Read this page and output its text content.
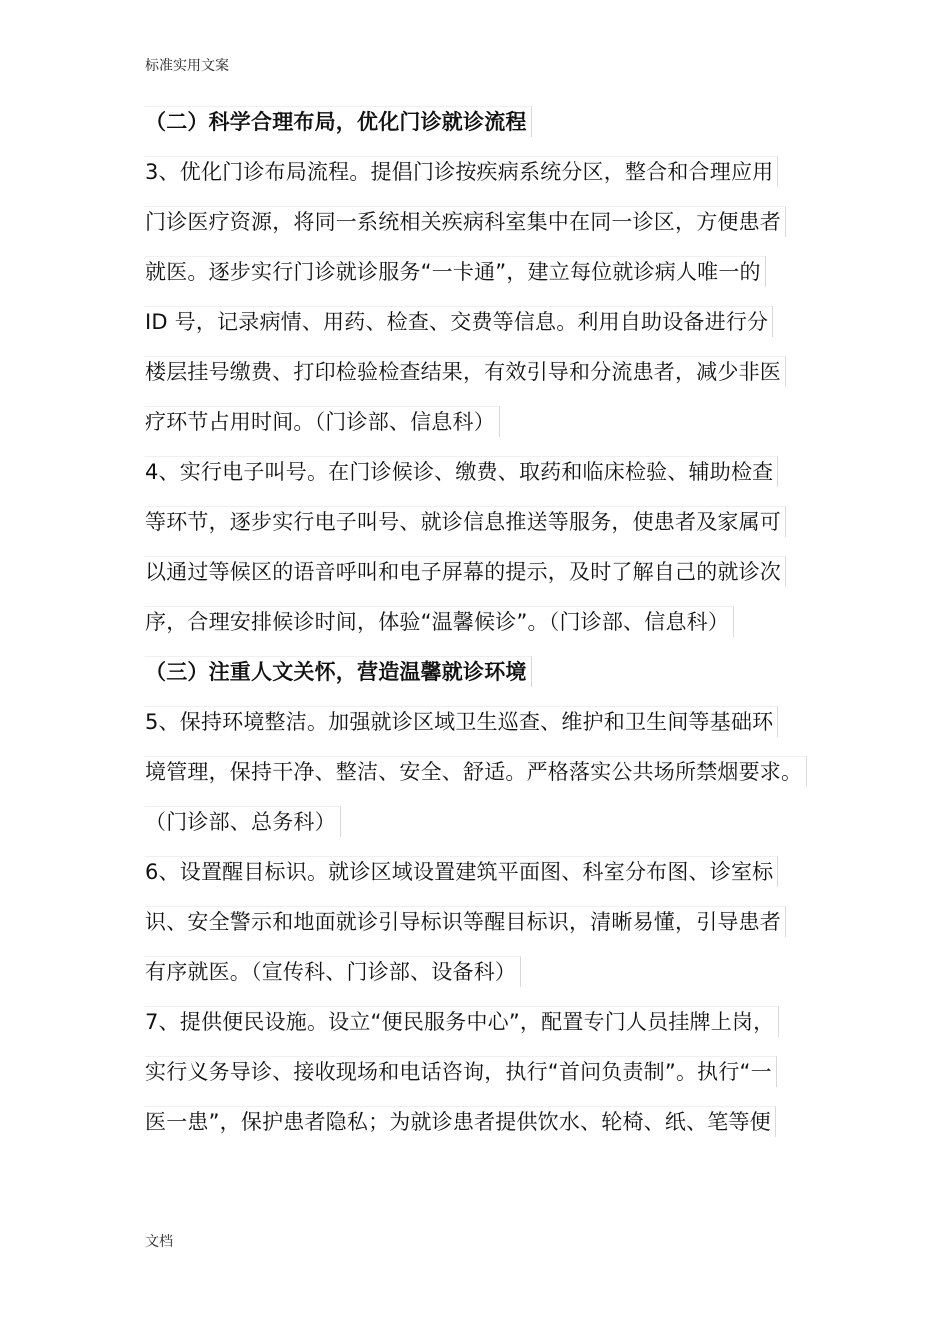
标准实用文案
（二）科学合理布局，优化门诊就诊流程
3、优化门诊布局流程。提倡门诊按疾病系统分区，整合和合理应用
门诊医疗资源，将同一系统相关疾病科室集中在同一诊区，方便患者
就医。逐步实行门诊就诊服务“一卡通”，建立每位就诊病人唯一的
ID 号，记录病情、用药、检查、交费等信息。利用自助设备进行分
楼层挂号缴费、打印检验检查结果，有效引导和分流患者，减少非医
疗环节占用时间。（门诊部、信息科）
4、实行电子叫号。在门诊候诊、缴费、取药和临床检验、辅助检查
等环节，逐步实行电子叫号、就诊信息推送等服务，使患者及家属可
以通过等候区的语音呼叫和电子屏幕的提示，及时了解自己的就诊次
序，合理安排候诊时间，体验“温馨候诊”。（门诊部、信息科）
（三）注重人文关怀，营造温馨就诊环境
5、保持环境整洁。加强就诊区域卫生巡查、维护和卫生间等基础环
境管理，保持干净、整洁、安全、舒适。严格落实公共场所禁烟要求。
（门诊部、总务科）
6、设置醒目标识。就诊区域设置建筑平面图、科室分布图、诊室标
识、安全警示和地面就诊引导标识等醒目标识，清晰易懂，引导患者
有序就医。（宣传科、门诊部、设备科）
7、提供便民设施。设立“便民服务中心”，配置专门人员挂牌上岗，
实行义务导诊、接收现场和电话咨询，执行“首问负责制”。执行“一
医一患”，保护患者隐私；为就诊患者提供饮水、轮椅、纸、笔等便
文档
